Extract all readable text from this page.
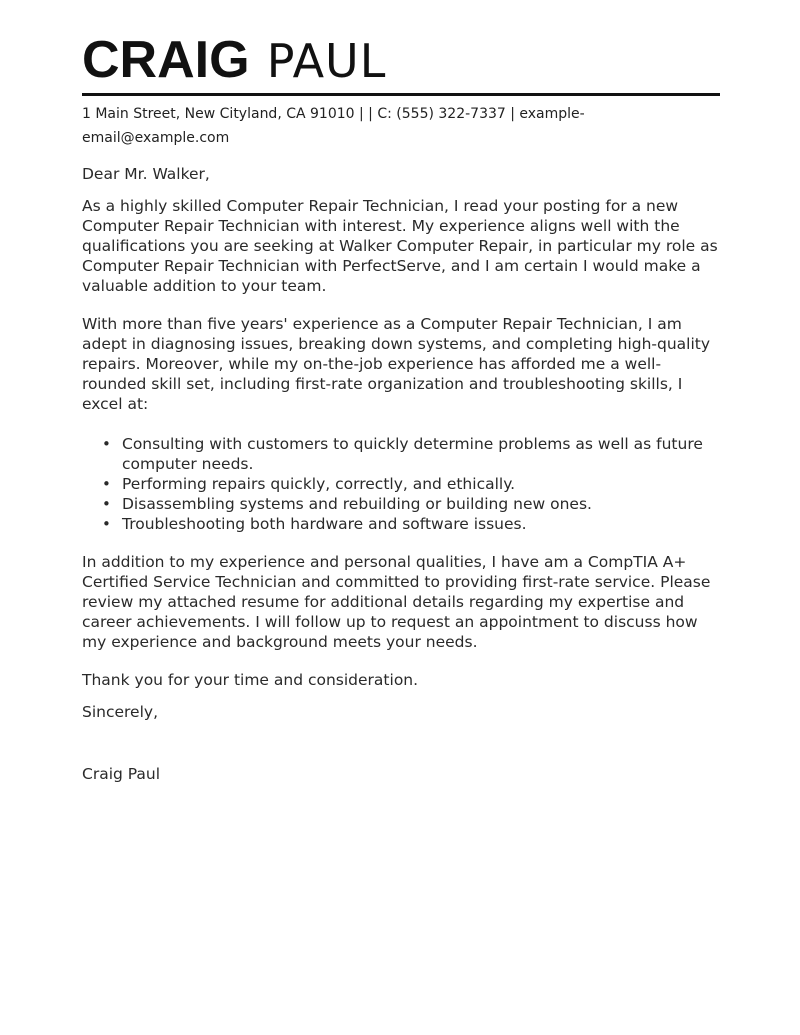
CRAIG PAUL
1 Main Street, New Cityland, CA 91010 | | C: (555) 322-7337 | example-email@example.com

Dear Mr. Walker,

As a highly skilled Computer Repair Technician, I read your posting for a new Computer Repair Technician with interest. My experience aligns well with the qualifications you are seeking at Walker Computer Repair, in particular my role as Computer Repair Technician with PerfectServe, and I am certain I would make a valuable addition to your team.

With more than five years' experience as a Computer Repair Technician, I am adept in diagnosing issues, breaking down systems, and completing high-quality repairs. Moreover, while my on-the-job experience has afforded me a well-rounded skill set, including first-rate organization and troubleshooting skills, I excel at:

• Consulting with customers to quickly determine problems as well as future computer needs.
• Performing repairs quickly, correctly, and ethically.
• Disassembling systems and rebuilding or building new ones.
• Troubleshooting both hardware and software issues.

In addition to my experience and personal qualities, I have am a CompTIA A+ Certified Service Technician and committed to providing first-rate service. Please review my attached resume for additional details regarding my expertise and career achievements. I will follow up to request an appointment to discuss how my experience and background meets your needs.

Thank you for your time and consideration.

Sincerely,

Craig Paul
